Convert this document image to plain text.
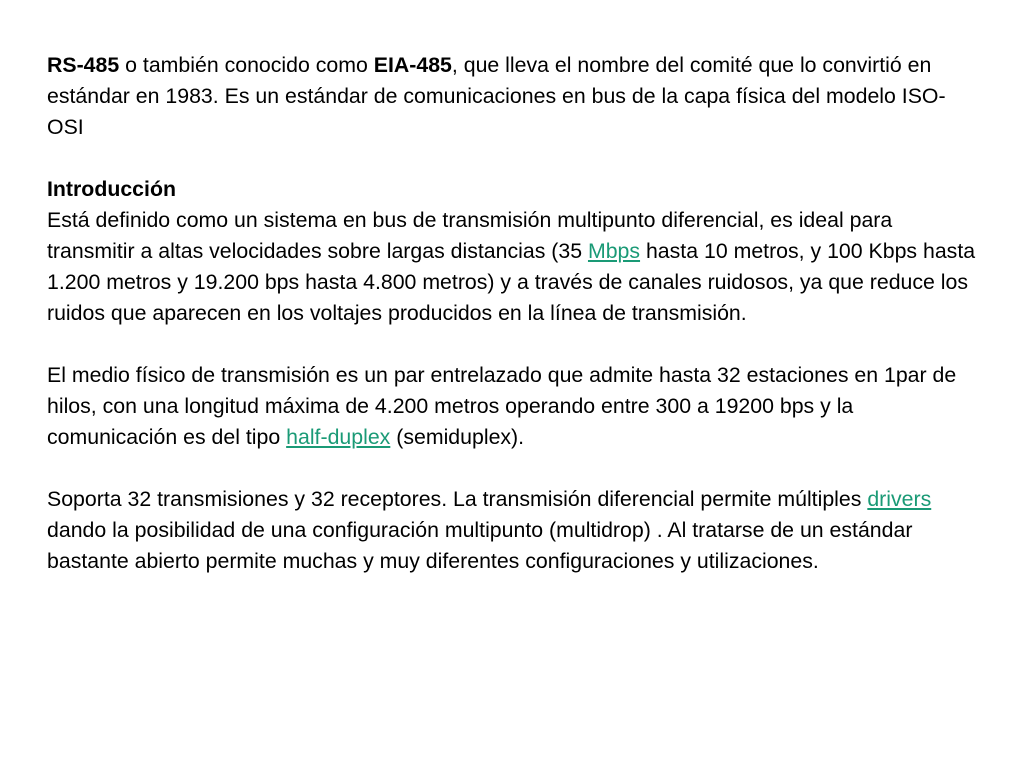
RS-485 o también conocido como EIA-485, que lleva el nombre del comité que lo convirtió en estándar en 1983. Es un estándar de comunicaciones en bus de la capa física del modelo ISO-OSI

Introducción

Está definido como un sistema en bus de transmisión multipunto diferencial, es ideal para transmitir a altas velocidades sobre largas distancias (35 Mbps hasta 10 metros, y 100 Kbps hasta 1.200 metros y 19.200 bps hasta 4.800 metros) y a través de canales ruidosos, ya que reduce los ruidos que aparecen en los voltajes producidos en la línea de transmisión.

El medio físico de transmisión es un par entrelazado que admite hasta 32 estaciones en 1par de hilos, con una longitud máxima de 4.200 metros operando entre 300 a 19200 bps y la comunicación es del tipo half-duplex (semiduplex).

Soporta 32 transmisiones y 32 receptores. La transmisión diferencial permite múltiples drivers dando la posibilidad de una configuración multipunto (multidrop) . Al tratarse de un estándar bastante abierto permite muchas y muy diferentes configuraciones y utilizaciones.
